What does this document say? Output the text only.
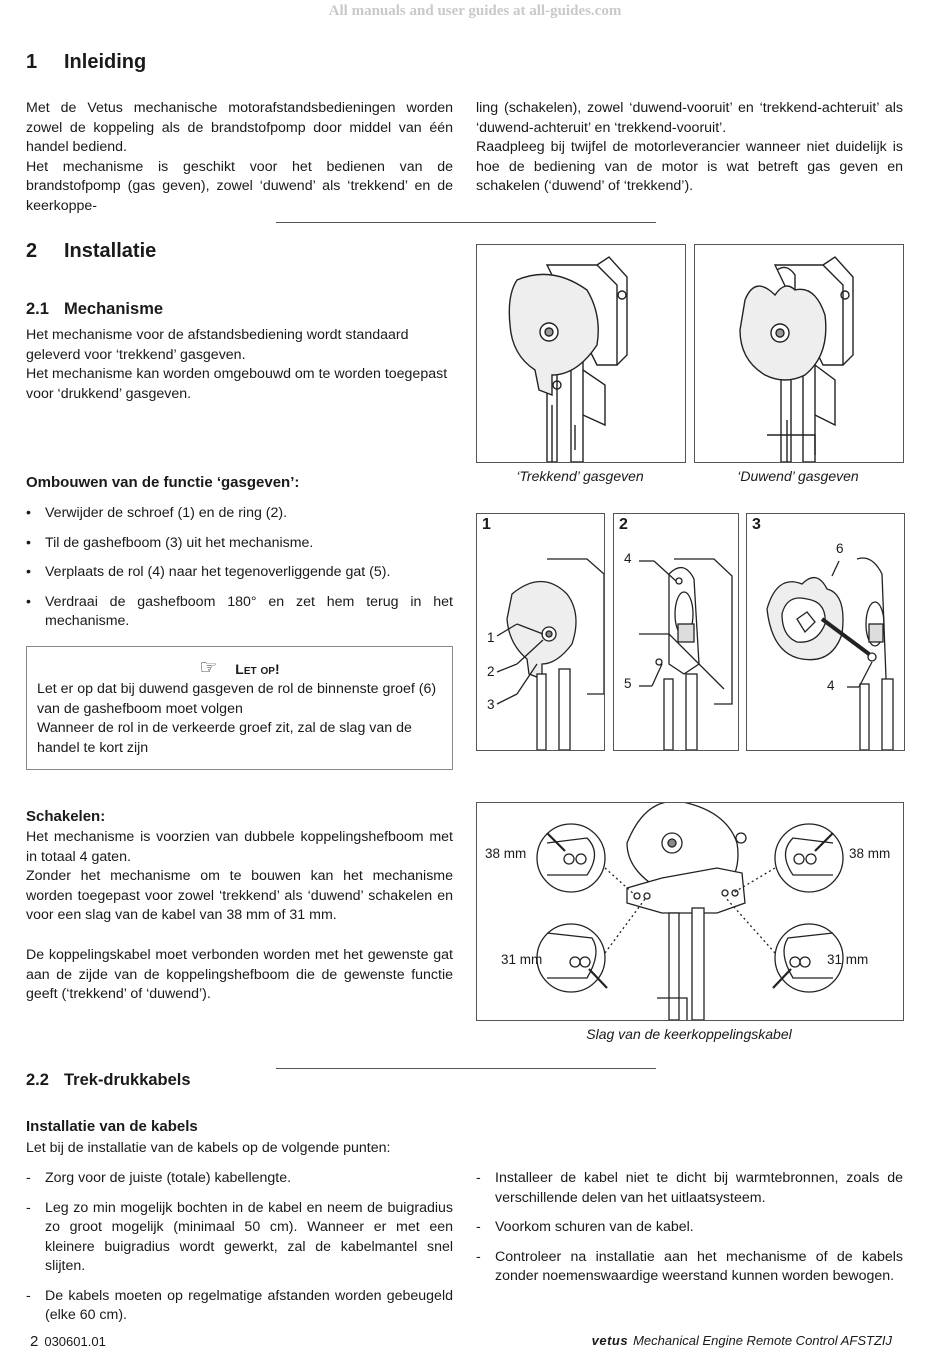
All manuals and user guides at all-guides.com
1 Inleiding
Met de Vetus mechanische motorafstandsbedieningen worden zowel de koppeling als de brandstofpomp door middel van één handel bediend.
Het mechanisme is geschikt voor het bedienen van de brandstofpomp (gas geven), zowel ‘duwend’ als ‘trekkend’ en de keerkoppe-
ling (schakelen), zowel ‘duwend-vooruit’ en ‘trekkend-achteruit’ als ‘duwend-achteruit’ en ‘trekkend-vooruit’.
Raadpleeg bij twijfel de motorleverancier wanneer niet duidelijk is hoe de bediening van de motor is wat betreft gas geven en schakelen (‘duwend’ of ‘trekkend’).
2 Installatie
2.1 Mechanisme
Het mechanisme voor de afstandsbediening wordt standaard geleverd voor ‘trekkend’ gasgeven.
Het mechanisme kan worden omgebouwd om te worden toegepast voor ‘drukkend’ gasgeven.
Ombouwen van de functie ‘gasgeven’:
• Verwijder de schroef (1) en de ring (2).
• Til de gashefboom (3) uit het mechanisme.
• Verplaats de rol (4) naar het tegenoverliggende gat (5).
• Verdraai de gashefboom 180° en zet hem terug in het mechanisme.
☞ Let op!
Let er op dat bij duwend gasgeven de rol de binnenste groef (6) van de gashefboom moet volgen
Wanneer de rol in de verkeerde groef zit, zal de slag van de handel te kort zijn
Schakelen:
Het mechanisme is voorzien van dubbele koppelingshefboom met in totaal 4 gaten.
Zonder het mechanisme om te bouwen kan het mechanisme worden toegepast voor zowel ‘trekkend’ als ‘duwend’ schakelen en voor een slag van de kabel van 38 mm of 31 mm.
De koppelingskabel moet verbonden worden met het gewenste gat aan de zijde van de koppelingshefboom die de gewenste functie geeft (‘trekkend’ of ‘duwend’).
2.2 Trek-drukkabels
Installatie van de kabels
Let bij de installatie van de kabels op de volgende punten:
- Zorg voor de juiste (totale) kabellengte.
- Leg zo min mogelijk bochten in de kabel en neem de buigradius zo groot mogelijk (minimaal 50 cm). Wanneer er met een kleinere buigradius wordt gewerkt, zal de kabelmantel snel slijten.
- De kabels moeten op regelmatige afstanden worden gebeugeld (elke 60 cm).
- Installeer de kabel niet te dicht bij warmtebronnen, zoals de verschillende delen van het uitlaatsysteem.
- Voorkom schuren van de kabel.
- Controleer na installatie aan het mechanisme of de kabels zonder noemenswaardige weerstand kunnen worden bewogen.
‘Trekkend’ gasgeven	‘Duwend’ gasgeven
1
1
2
3
2
4
5
3
6
4
38 mm	38 mm
31 mm	31 mm
Slag van de keerkoppelingskabel
2 030601.01	vetus Mechanical Engine Remote Control AFSTZIJ
